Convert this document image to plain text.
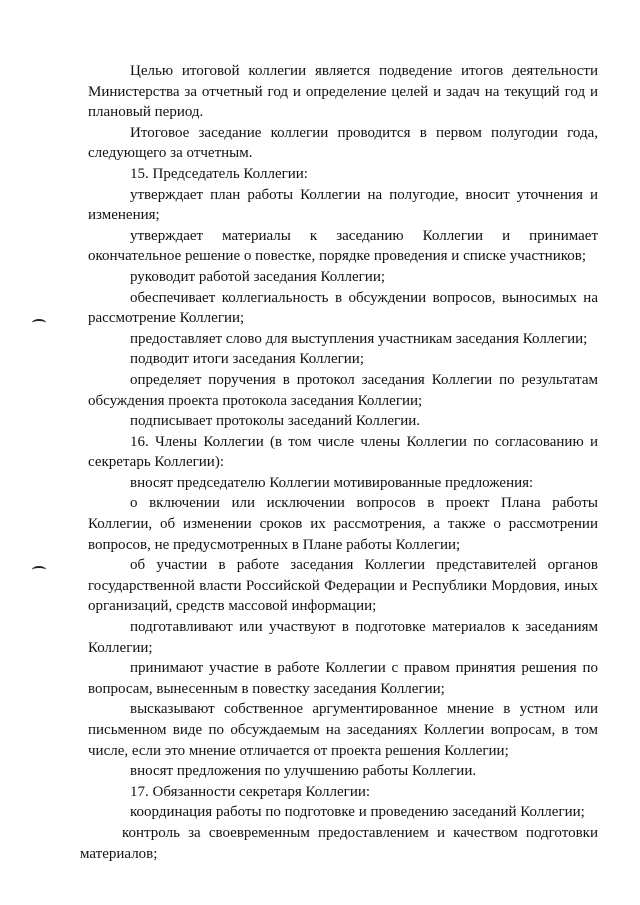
Целью итоговой коллегии является подведение итогов деятельности Министерства за отчетный год и определение целей и задач на текущий год и плановый период.

Итоговое заседание коллегии проводится в первом полугодии года, следующего за отчетным.

15. Председатель Коллегии:

утверждает план работы Коллегии на полугодие, вносит уточнения и изменения;

утверждает материалы к заседанию Коллегии и принимает окончательное решение о повестке, порядке проведения и списке участников;

руководит работой заседания Коллегии;

обеспечивает коллегиальность в обсуждении вопросов, выносимых на рассмотрение Коллегии;

предоставляет слово для выступления участникам заседания Коллегии;

подводит итоги заседания Коллегии;

определяет поручения в протокол заседания Коллегии по результатам обсуждения проекта протокола заседания Коллегии;

подписывает протоколы заседаний Коллегии.

16. Члены Коллегии (в том числе члены Коллегии по согласованию и секретарь Коллегии):

вносят председателю Коллегии мотивированные предложения:

о включении или исключении вопросов в проект Плана работы Коллегии, об изменении сроков их рассмотрения, а также о рассмотрении вопросов, не предусмотренных в Плане работы Коллегии;

об участии в работе заседания Коллегии представителей органов государственной власти Российской Федерации и Республики Мордовия, иных организаций, средств массовой информации;

подготавливают или участвуют в подготовке материалов к заседаниям Коллегии;

принимают участие в работе Коллегии с правом принятия решения по вопросам, вынесенным в повестку заседания Коллегии;

высказывают собственное аргументированное мнение в устном или письменном виде по обсуждаемым на заседаниях Коллегии вопросам, в том числе, если это мнение отличается от проекта решения Коллегии;

вносят предложения по улучшению работы Коллегии.

17. Обязанности секретаря Коллегии:

координация работы по подготовке и проведению заседаний Коллегии;

контроль за своевременным предоставлением и качеством подготовки материалов;
